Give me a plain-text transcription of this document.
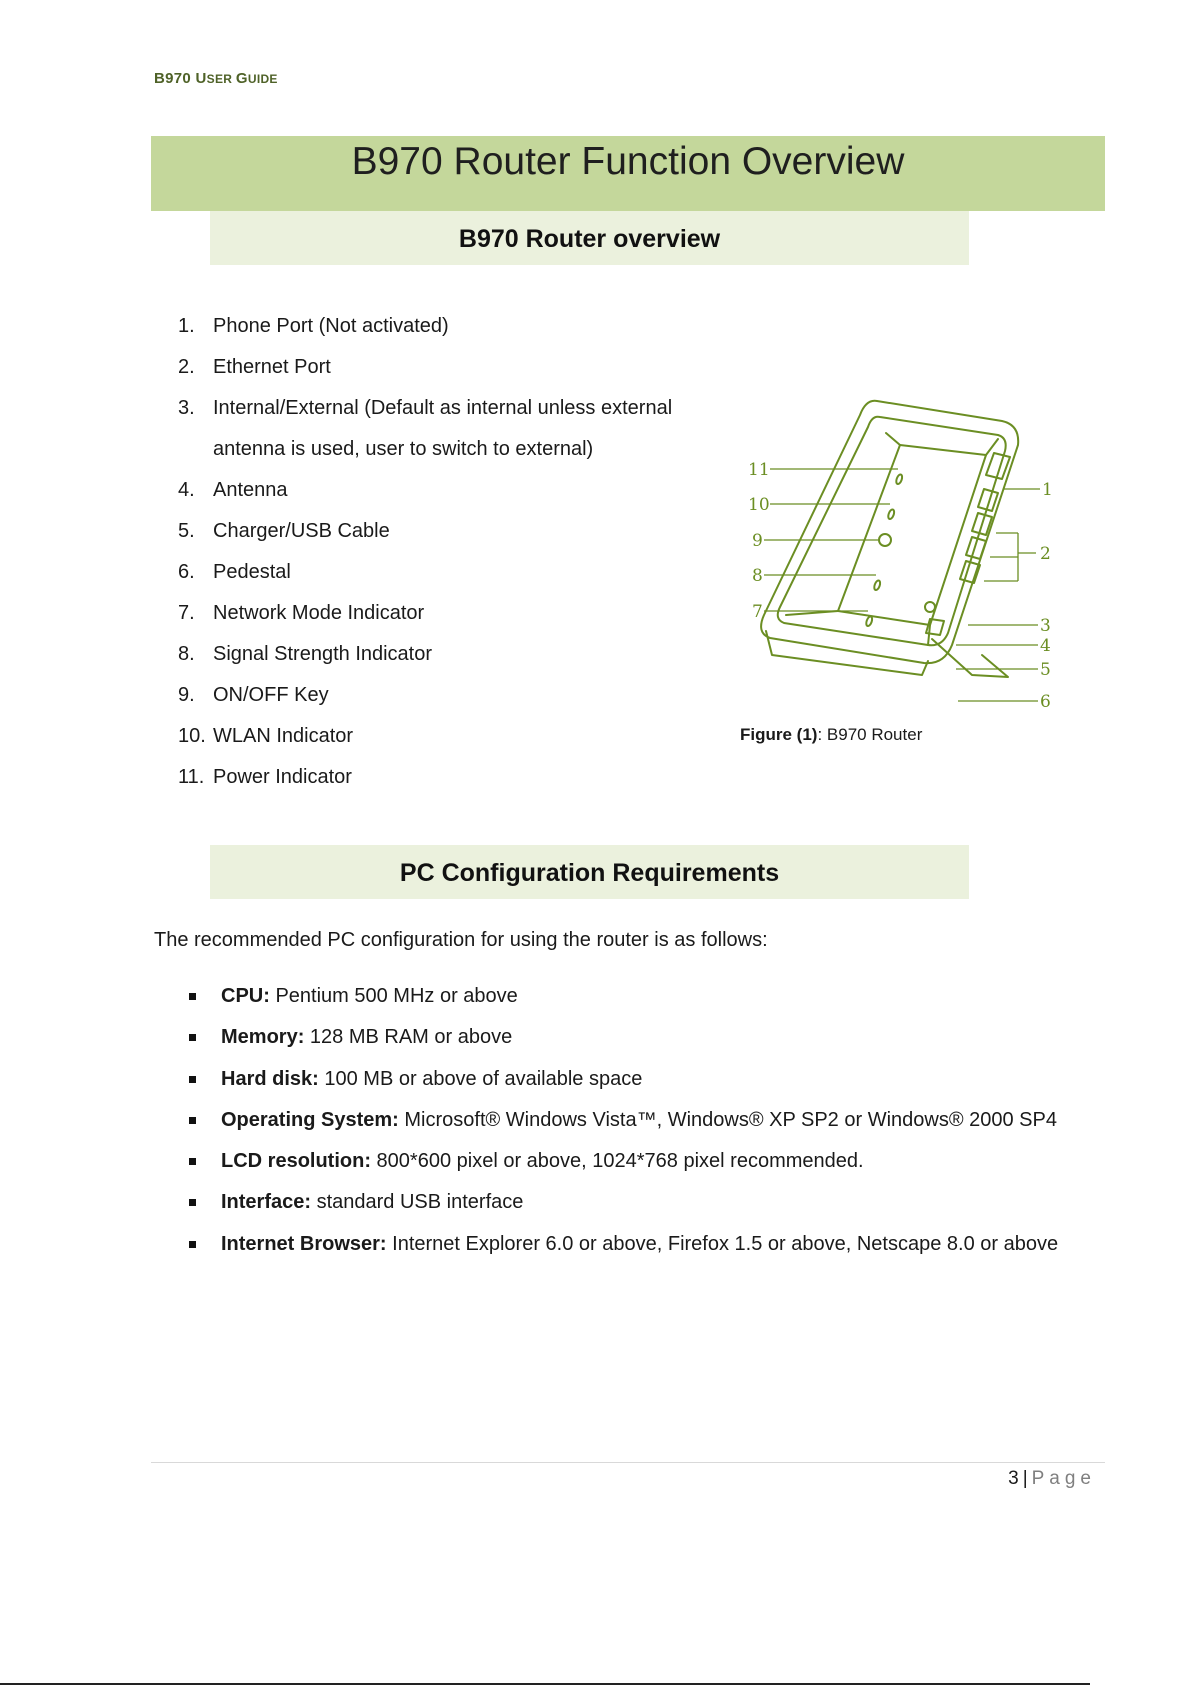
B970 USER GUIDE
B970 Router Function Overview
B970 Router overview
1. Phone Port (Not activated)
2. Ethernet Port
3. Internal/External (Default as internal unless external antenna is used, user to switch to external)
4. Antenna
5. Charger/USB Cable
6. Pedestal
7. Network Mode Indicator
8. Signal Strength Indicator
9. ON/OFF Key
10. WLAN Indicator
11. Power Indicator
11
10
9
8
7
1
2
3
4
5
6
Figure (1): B970 Router
PC Configuration Requirements
The recommended PC configuration for using the router is as follows:
CPU: Pentium 500 MHz or above
Memory: 128 MB RAM or above
Hard disk: 100 MB or above of available space
Operating System: Microsoft® Windows Vista™, Windows® XP SP2 or Windows® 2000 SP4
LCD resolution: 800*600 pixel or above, 1024*768 pixel recommended.
Interface: standard USB interface
Internet Browser: Internet Explorer 6.0 or above, Firefox 1.5 or above, Netscape 8.0 or above
3 | Page
